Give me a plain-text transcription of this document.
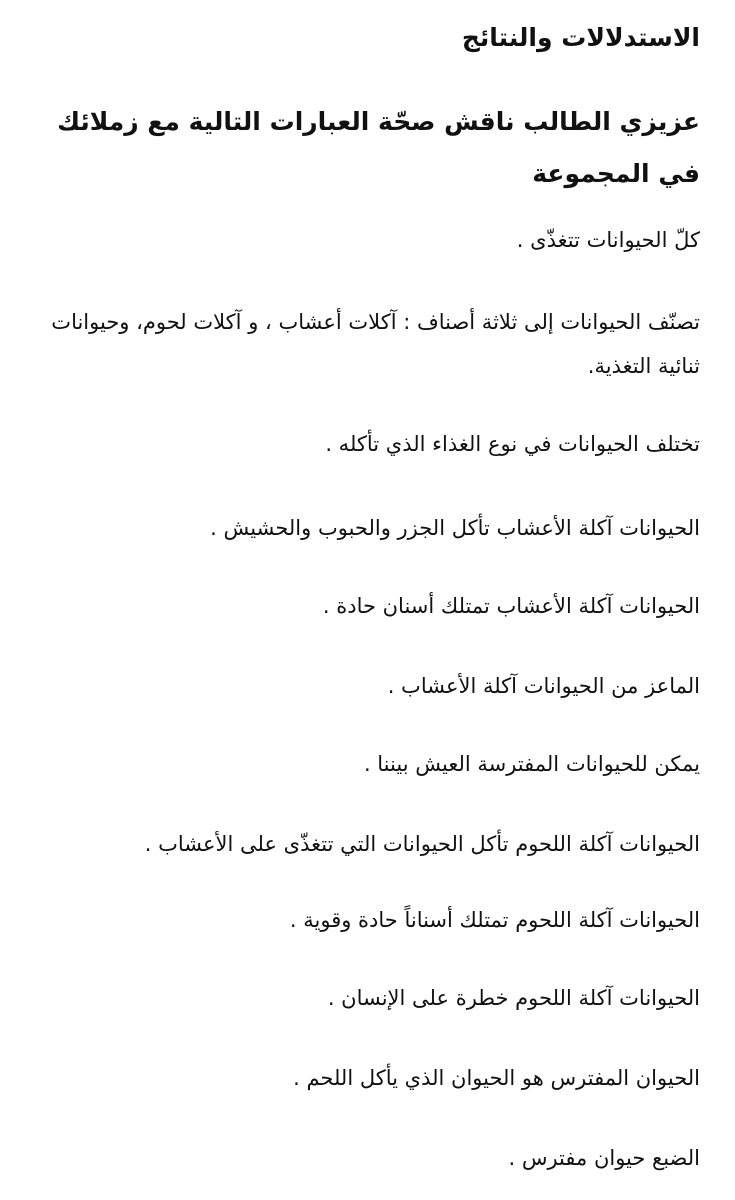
الاستدلالات والنتائج
عزيزي الطالب ناقش صحّة العبارات التالية مع زملائك في المجموعة

كلّ الحيوانات تتغذّى .

تصنّف الحيوانات إلى ثلاثة أصناف : آكلات أعشاب ، و آكلات لحوم، وحيوانات ثنائية التغذية.

تختلف الحيوانات في نوع الغذاء الذي تأكله .

الحيوانات آكلة الأعشاب تأكل الجزر والحبوب والحشيش .

الحيوانات آكلة الأعشاب تمتلك أسنان حادة .

الماعز من الحيوانات آكلة الأعشاب .

يمكن للحيوانات المفترسة العيش بيننا .

الحيوانات آكلة اللحوم تأكل الحيوانات التي تتغذّى على الأعشاب .

الحيوانات آكلة اللحوم تمتلك أسناناً حادة وقوية .

الحيوانات آكلة اللحوم خطرة على الإنسان .

الحيوان المفترس هو الحيوان الذي يأكل اللحم .

الضبع حيوان مفترس .
